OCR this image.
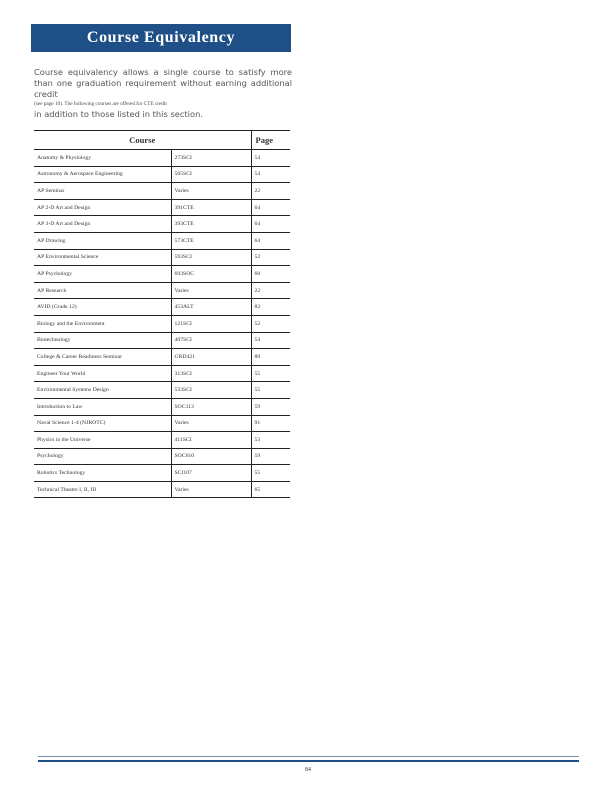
Course Equivalency

Course equivalency allows a single course to satisfy more than one graduation requirement without earning additional credit

(see page 10). The following courses are offered for CTE credit

in addition to those listed in this section.

Course		Page
Anatomy & Physiology	273SCI	54
Astronomy & Aerospace Engineering	505SCI	54
AP Seminar	Varies	22
AP 2-D Art and Design	391CTE	64
AP 3-D Art and Design	393CTE	64
AP Drawing	573CTE	64
AP Environmental Science	593SCI	52
AP Psychology	693SOC	60
AP Research	Varies	22
AVID (Grade 12)	453ALT	82
Biology and the Environment	121SCI	52
Biotechnology	407SCI	54
College & Career Readiness Seminar	GRD421	80
Engineer Your World	313SCI	55
Environmental Systems Design	533SCI	55
Introduction to Law	SOC113	59
Naval Science 1-4 (NJROTC)	Varies	91
Physics in the Universe	411SCI	53
Psychology	SOC610	59
Robotics Technology	SCI107	55
Technical Theatre I, II, III	Varies	65
84
